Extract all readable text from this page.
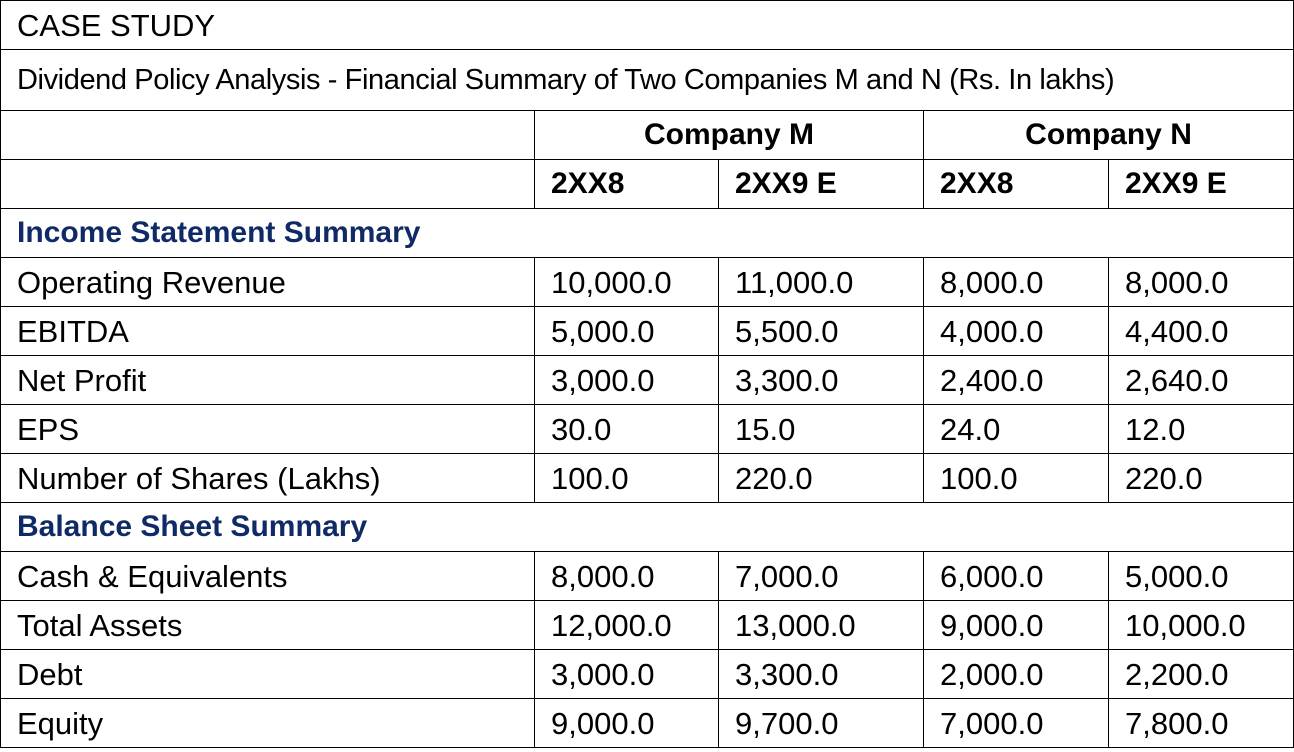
CASE STUDY				
Dividend Policy Analysis - Financial Summary of Two Companies M and N (Rs. In lakhs)				
	Company M		Company N	
	2XX8	2XX9 E	2XX8	2XX9 E
Income Statement Summary				
Operating Revenue	10,000.0	11,000.0	8,000.0	8,000.0
EBITDA	5,000.0	5,500.0	4,000.0	4,400.0
Net Profit	3,000.0	3,300.0	2,400.0	2,640.0
EPS	30.0	15.0	24.0	12.0
Number of Shares (Lakhs)	100.0	220.0	100.0	220.0
Balance Sheet Summary				
Cash & Equivalents	8,000.0	7,000.0	6,000.0	5,000.0
Total Assets	12,000.0	13,000.0	9,000.0	10,000.0
Debt	3,000.0	3,300.0	2,000.0	2,200.0
Equity	9,000.0	9,700.0	7,000.0	7,800.0
